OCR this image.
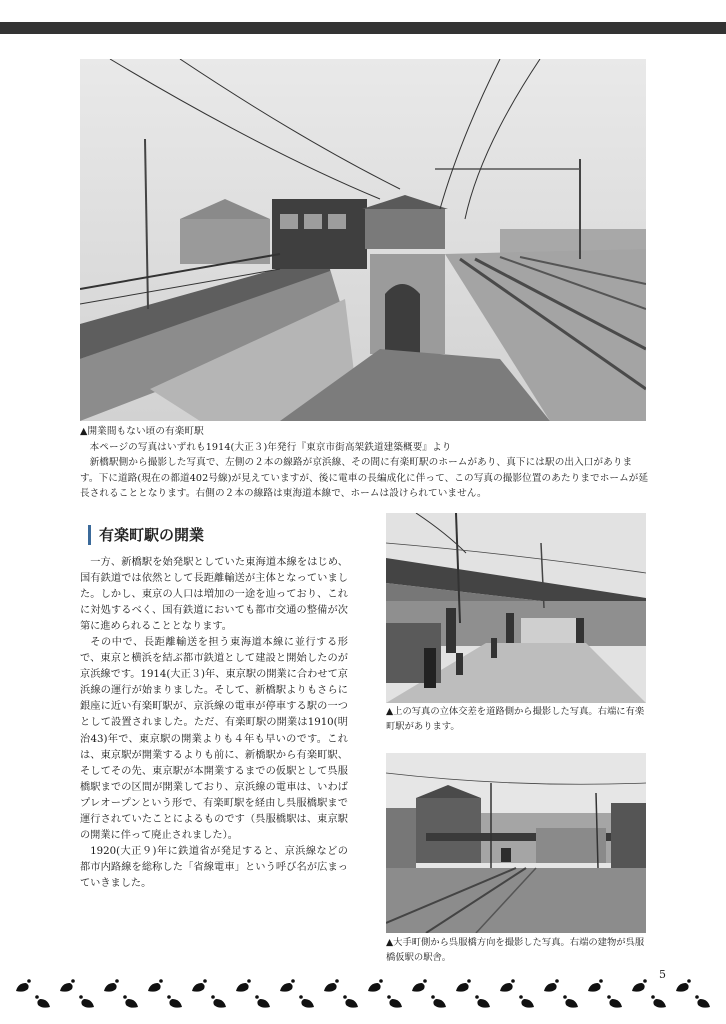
▲開業間もない頃の有楽町駅

本ページの写真はいずれも1914(大正３)年発行『東京市街高架鉄道建築概要』より

新橋駅側から撮影した写真で、左側の２本の線路が京浜線、その間に有楽町駅のホームがあり、真下には駅の出入口があります。下に道路(現在の都道402号線)が見えていますが、後に電車の長編成化に伴って、この写真の撮影位置のあたりまでホームが延長されることとなります。右側の２本の線路は東海道本線で、ホームは設けられていません。

有楽町駅の開業

一方、新橋駅を始発駅としていた東海道本線をはじめ、国有鉄道では依然として長距離輸送が主体となっていました。しかし、東京の人口は増加の一途を辿っており、これに対処するべく、国有鉄道においても都市交通の整備が次第に進められることとなります。

その中で、長距離輸送を担う東海道本線に並行する形で、東京と横浜を結ぶ都市鉄道として建設と開始したのが京浜線です。1914(大正３)年、東京駅の開業に合わせて京浜線の運行が始まりました。そして、新橋駅よりもさらに銀座に近い有楽町駅が、京浜線の電車が停車する駅の一つとして設置されました。ただ、有楽町駅の開業は1910(明治43)年で、東京駅の開業よりも４年も早いのです。これは、東京駅が開業するよりも前に、新橋駅から有楽町駅、そしてその先、東京駅が本開業するまでの仮駅として呉服橋駅までの区間が開業しており、京浜線の電車は、いわばプレオープンという形で、有楽町駅を経由し呉服橋駅まで運行されていたことによるものです（呉服橋駅は、東京駅の開業に伴って廃止されました）。

1920(大正９)年に鉄道省が発足すると、京浜線などの都市内路線を総称した「省線電車」という呼び名が広まっていきました。

▲上の写真の立体交差を道路側から撮影した写真。右端に有楽町駅があります。
▲大手町側から呉服橋方向を撮影した写真。右端の建物が呉服橋仮駅の駅舎。
5
